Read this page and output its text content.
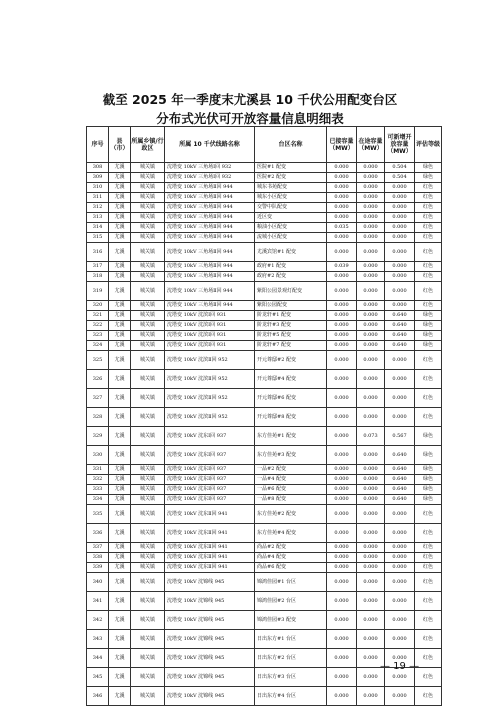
截至 2025 年一季度末尤溪县 10 千伏公用配变台区
分布式光伏可开放容量信息明细表
序号	县（市）	所属乡镇/行政区	所属 10 千伏线路名称	台区名称	已接容量（MW）	在途容量（MW）	可新增开放容量（MW）	评估等级
308	尤溪	城关镇	沈塔变 10kV 三角场Ⅰ回 932	医院#1 配变	0.000	0.000	0.504	绿色
309	尤溪	城关镇	沈塔变 10kV 三角场Ⅰ回 932	医院#2 配变	0.000	0.000	0.504	绿色
310	尤溪	城关镇	沈塔变 10kV 三角场Ⅱ回 944	城东书苑配变	0.000	0.000	0.000	红色
311	尤溪	城关镇	沈塔变 10kV 三角场Ⅱ回 944	城东小区配变	0.000	0.000	0.000	红色
312	尤溪	城关镇	沈塔变 10kV 三角场Ⅱ回 944	交警中队配变	0.000	0.000	0.000	红色
313	尤溪	城关镇	沈塔变 10kV 三角场Ⅱ回 944	近区变	0.000	0.000	0.000	红色
314	尤溪	城关镇	沈塔变 10kV 三角场Ⅱ回 944	粮油小区配变	0.035	0.000	0.000	红色
315	尤溪	城关镇	沈塔变 10kV 三角场Ⅱ回 944	流城小区配变	0.000	0.000	0.000	红色
316	尤溪	城关镇	沈塔变 10kV 三角场Ⅱ回 944	尤溪宾馆#1 配变	0.000	0.000	0.000	红色
317	尤溪	城关镇	沈塔变 10kV 三角场Ⅱ回 944	政府#1 配变	0.039	0.000	0.000	红色
318	尤溪	城关镇	沈塔变 10kV 三角场Ⅱ回 944	政府#2 配变	0.000	0.000	0.000	红色
319	尤溪	城关镇	沈塔变 10kV 三角场Ⅱ回 944	紫阳公园景观灯配变	0.000	0.000	0.000	红色
320	尤溪	城关镇	沈塔变 10kV 三角场Ⅱ回 944	紫阳公园配变	0.000	0.000	0.000	红色
321	尤溪	城关镇	沈塔变 10kV 沈滨Ⅰ回 931	阶龙轩#1 配变	0.000	0.000	0.640	绿色
322	尤溪	城关镇	沈塔变 10kV 沈滨Ⅰ回 931	阶龙轩#3 配变	0.000	0.000	0.640	绿色
323	尤溪	城关镇	沈塔变 10kV 沈滨Ⅰ回 931	阶龙轩#5 配变	0.000	0.000	0.640	绿色
324	尤溪	城关镇	沈塔变 10kV 沈滨Ⅰ回 931	阶龙轩#7 配变	0.000	0.000	0.640	绿色
325	尤溪	城关镇	沈塔变 10kV 沈滨Ⅱ回 952	开元尊邸#2 配变	0.000	0.000	0.000	红色
326	尤溪	城关镇	沈塔变 10kV 沈滨Ⅱ回 952	开元尊邸#4 配变	0.000	0.000	0.000	红色
327	尤溪	城关镇	沈塔变 10kV 沈滨Ⅱ回 952	开元尊邸#6 配变	0.000	0.000	0.000	红色
328	尤溪	城关镇	沈塔变 10kV 沈滨Ⅱ回 952	开元尊邸#8 配变	0.000	0.000	0.000	红色
329	尤溪	城关镇	沈塔变 10kV 沈东Ⅰ回 937	东方佳苑#1 配变	0.000	0.073	0.567	绿色
330	尤溪	城关镇	沈塔变 10kV 沈东Ⅰ回 937	东方佳苑#3 配变	0.000	0.000	0.640	绿色
331	尤溪	城关镇	沈塔变 10kV 沈东Ⅰ回 937	一品#2 配变	0.000	0.000	0.640	绿色
332	尤溪	城关镇	沈塔变 10kV 沈东Ⅰ回 937	一品#4 配变	0.000	0.000	0.640	绿色
333	尤溪	城关镇	沈塔变 10kV 沈东Ⅰ回 937	一品#6 配变	0.000	0.000	0.640	绿色
334	尤溪	城关镇	沈塔变 10kV 沈东Ⅰ回 937	一品#8 配变	0.000	0.000	0.640	绿色
335	尤溪	城关镇	沈塔变 10kV 沈东Ⅱ回 941	东方佳苑#2 配变	0.000	0.000	0.000	红色
336	尤溪	城关镇	沈塔变 10kV 沈东Ⅱ回 941	东方佳苑#4 配变	0.000	0.000	0.000	红色
337	尤溪	城关镇	沈塔变 10kV 沈东Ⅱ回 941	尚品#2 配变	0.000	0.000	0.000	红色
338	尤溪	城关镇	沈塔变 10kV 沈东Ⅱ回 941	尚品#4 配变	0.000	0.000	0.000	红色
339	尤溪	城关镇	沈塔变 10kV 沈东Ⅱ回 941	尚品#6 配变	0.000	0.000	0.000	红色
340	尤溪	城关镇	沈塔变 10kV 沈锦线 945	锦鸿佳园#1 台区	0.000	0.000	0.000	红色
341	尤溪	城关镇	沈塔变 10kV 沈锦线 945	锦鸿佳园#2 台区	0.000	0.000	0.000	红色
342	尤溪	城关镇	沈塔变 10kV 沈锦线 945	锦鸿佳园#3 配变	0.000	0.000	0.000	红色
343	尤溪	城关镇	沈塔变 10kV 沈锦线 945	日出东方#1 台区	0.000	0.000	0.000	红色
344	尤溪	城关镇	沈塔变 10kV 沈锦线 945	日出东方#2 台区	0.000	0.000	0.000	红色
345	尤溪	城关镇	沈塔变 10kV 沈锦线 945	日出东方#3 台区	0.000	0.000	0.000	红色
346	尤溪	城关镇	沈塔变 10kV 沈锦线 945	日出东方#4 台区	0.000	0.000	0.000	红色
— 19 —
